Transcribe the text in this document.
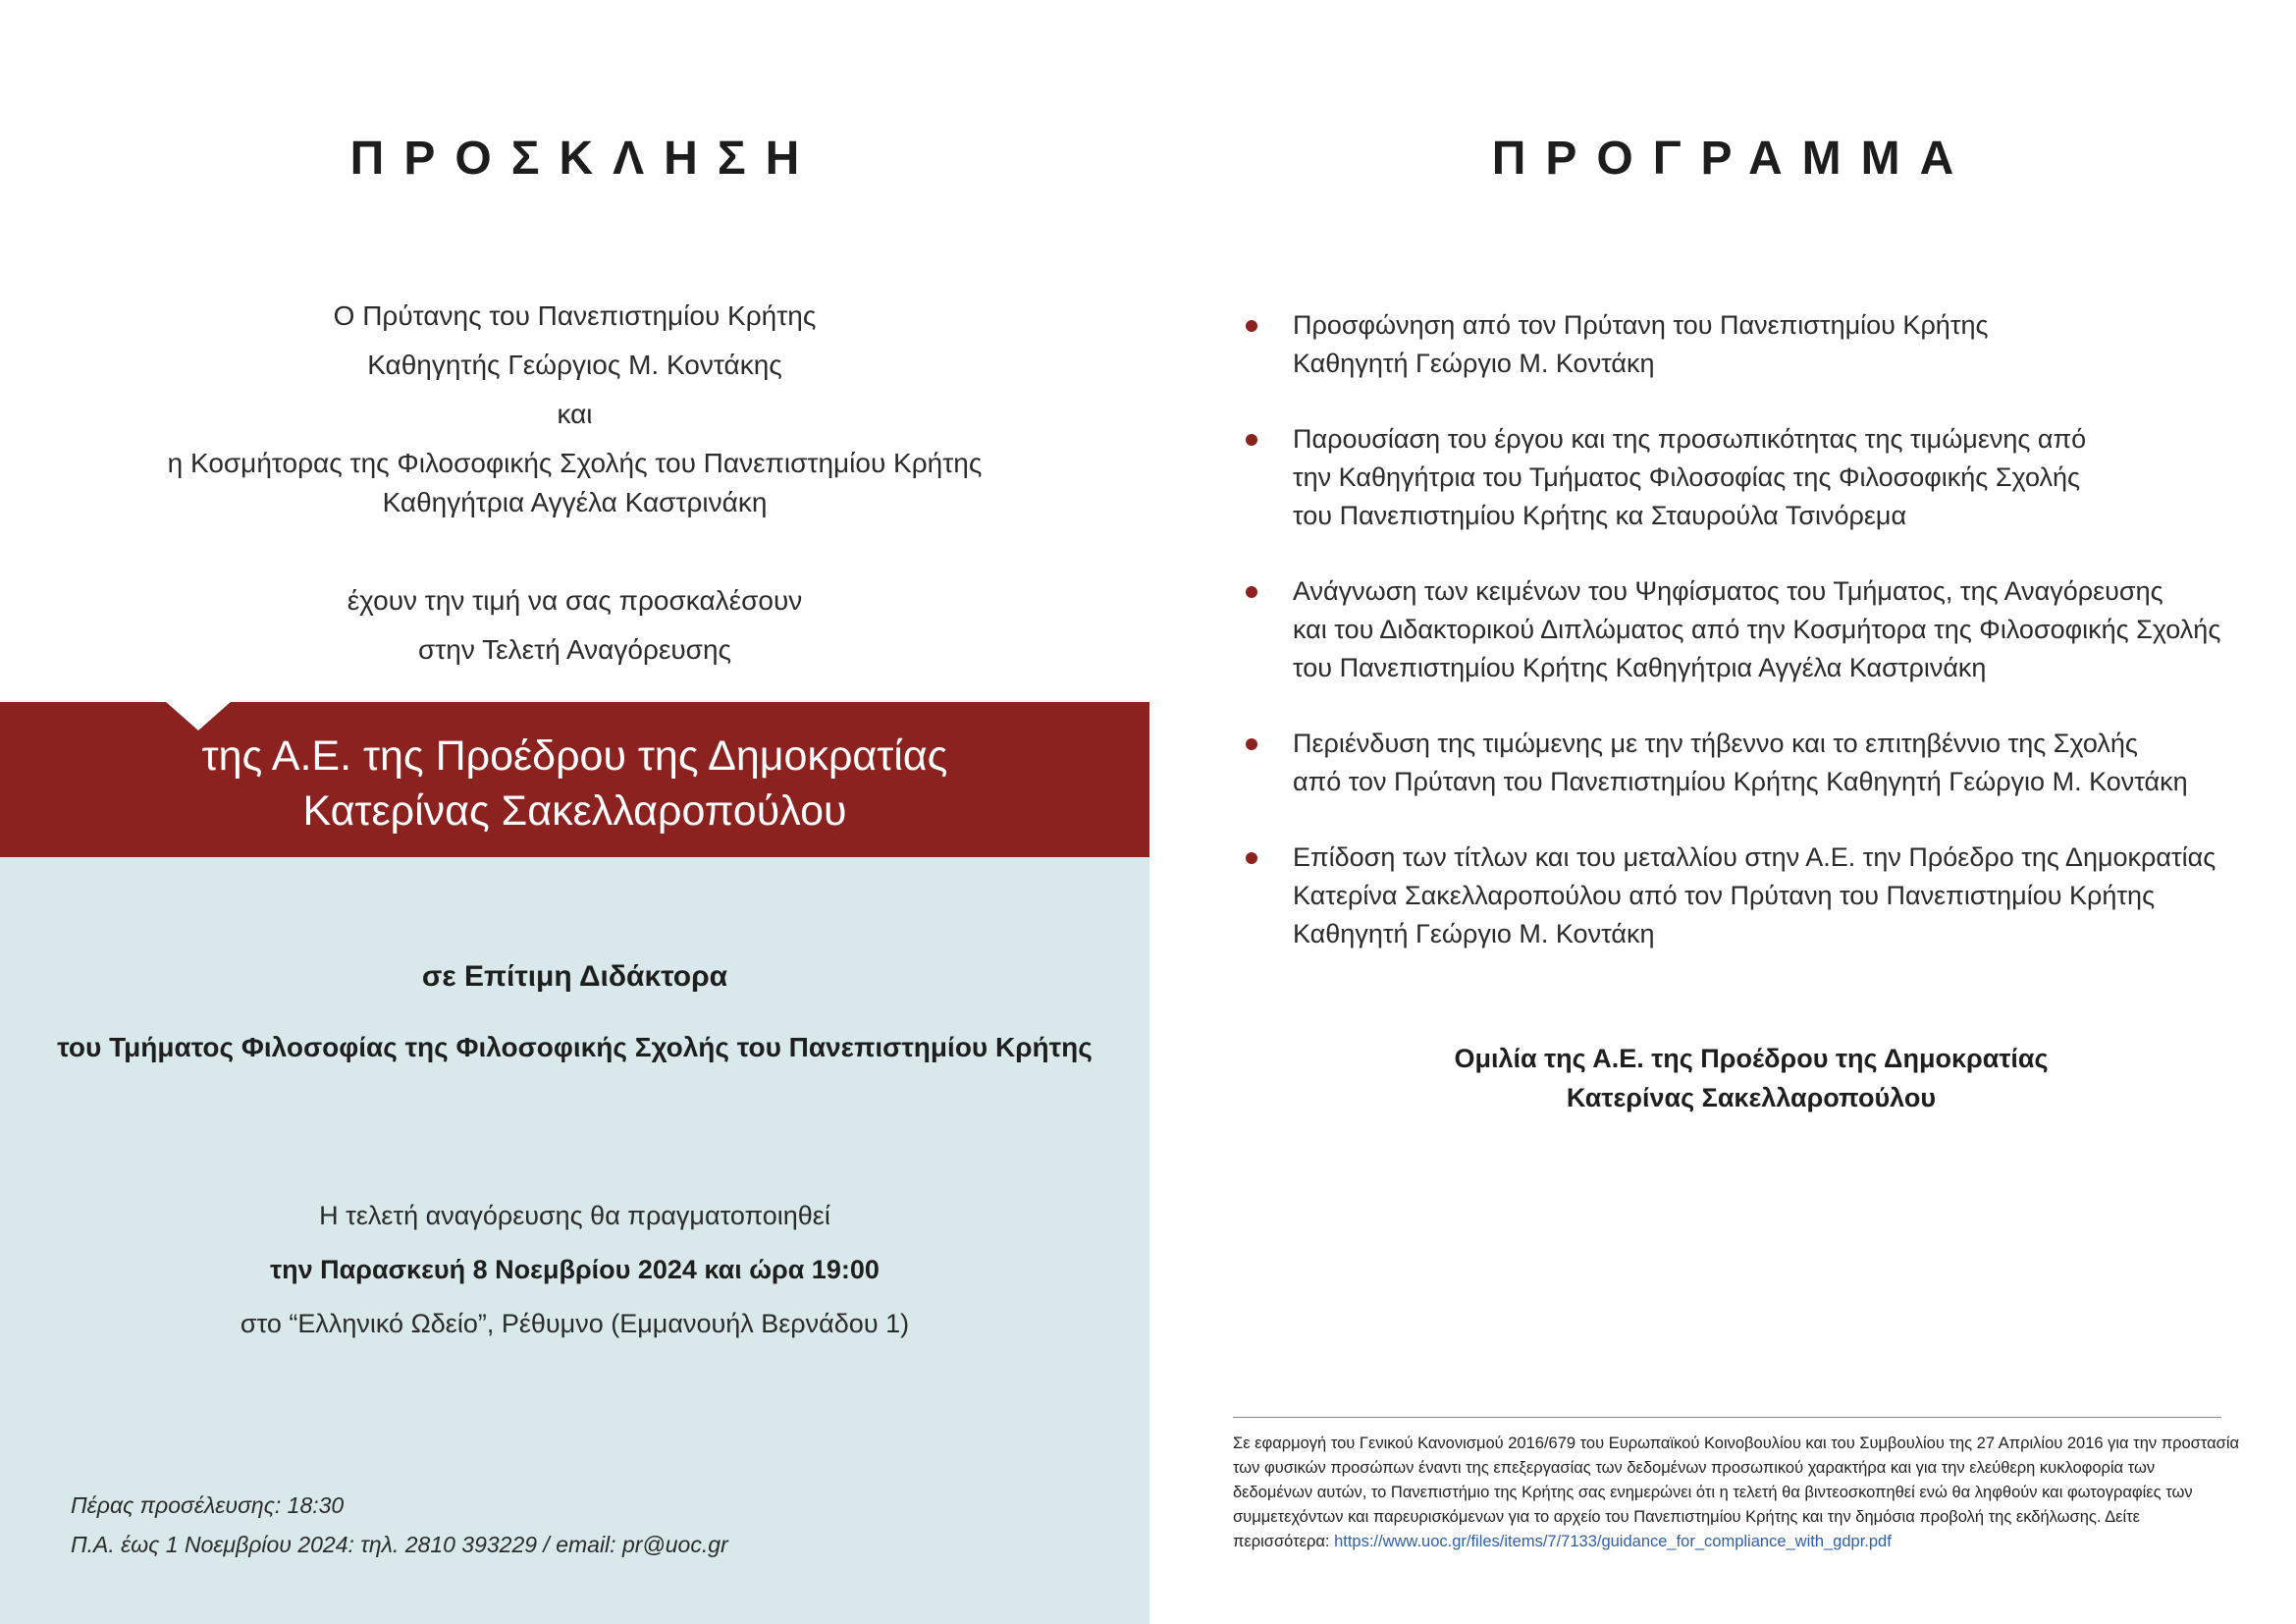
ΠΡΟΣΚΛΗΣΗ
Ο Πρύτανης του Πανεπιστημίου Κρήτης
Καθηγητής Γεώργιος Μ. Κοντάκης
και
η Κοσμήτορας της Φιλοσοφικής Σχολής του Πανεπιστημίου Κρήτης
Καθηγήτρια Αγγέλα Καστρινάκη
έχουν την τιμή να σας προσκαλέσουν
στην Τελετή Αναγόρευσης
της Α.Ε. της Προέδρου της Δημοκρατίας
Κατερίνας Σακελλαροπούλου
σε Επίτιμη Διδάκτορα
του Τμήματος Φιλοσοφίας της Φιλοσοφικής Σχολής του Πανεπιστημίου Κρήτης
Η τελετή αναγόρευσης θα πραγματοποιηθεί
την Παρασκευή 8 Νοεμβρίου 2024 και ώρα 19:00
στο “Ελληνικό Ωδείο”, Ρέθυμνο (Εμμανουήλ Βερνάδου 1)
Πέρας προσέλευσης: 18:30
Π.Α. έως 1 Νοεμβρίου 2024: τηλ. 2810 393229 / email: pr@uoc.gr
ΠΡΟΓΡΑΜΜΑ
Προσφώνηση από τον Πρύτανη του Πανεπιστημίου Κρήτης
Καθηγητή Γεώργιο Μ. Κοντάκη
Παρουσίαση του έργου και της προσωπικότητας της τιμώμενης από
την Καθηγήτρια του Τμήματος Φιλοσοφίας της Φιλοσοφικής Σχολής
του Πανεπιστημίου Κρήτης κα Σταυρούλα Τσινόρεμα
Ανάγνωση των κειμένων του Ψηφίσματος του Τμήματος, της Αναγόρευσης
και του Διδακτορικού Διπλώματος από την Κοσμήτορα της Φιλοσοφικής Σχολής
του Πανεπιστημίου Κρήτης Καθηγήτρια Αγγέλα Καστρινάκη
Περιένδυση της τιμώμενης με την τήβεννο και το επιτηβέννιο της Σχολής
από τον Πρύτανη του Πανεπιστημίου Κρήτης Καθηγητή Γεώργιο Μ. Κοντάκη
Επίδοση των τίτλων και του μεταλλίου στην Α.Ε. την Πρόεδρο της Δημοκρατίας
Κατερίνα Σακελλαροπούλου από τον Πρύτανη του Πανεπιστημίου Κρήτης
Καθηγητή Γεώργιο Μ. Κοντάκη
Ομιλία της Α.Ε. της Προέδρου της Δημοκρατίας
Κατερίνας Σακελλαροπούλου
Σε εφαρμογή του Γενικού Κανονισμού 2016/679 του Ευρωπαϊκού Κοινοβουλίου και του Συμβουλίου της 27 Απριλίου 2016 για την προστασία
των φυσικών προσώπων έναντι της επεξεργασίας των δεδομένων προσωπικού χαρακτήρα και για την ελεύθερη κυκλοφορία των
δεδομένων αυτών, το Πανεπιστήμιο της Κρήτης σας ενημερώνει ότι η τελετή θα βιντεοσκοπηθεί ενώ θα ληφθούν και φωτογραφίες των
συμμετεχόντων και παρευρισκόμενων για το αρχείο του Πανεπιστημίου Κρήτης και την δημόσια προβολή της εκδήλωσης. Δείτε
περισσότερα: https://www.uoc.gr/files/items/7/7133/guidance_for_compliance_with_gdpr.pdf
